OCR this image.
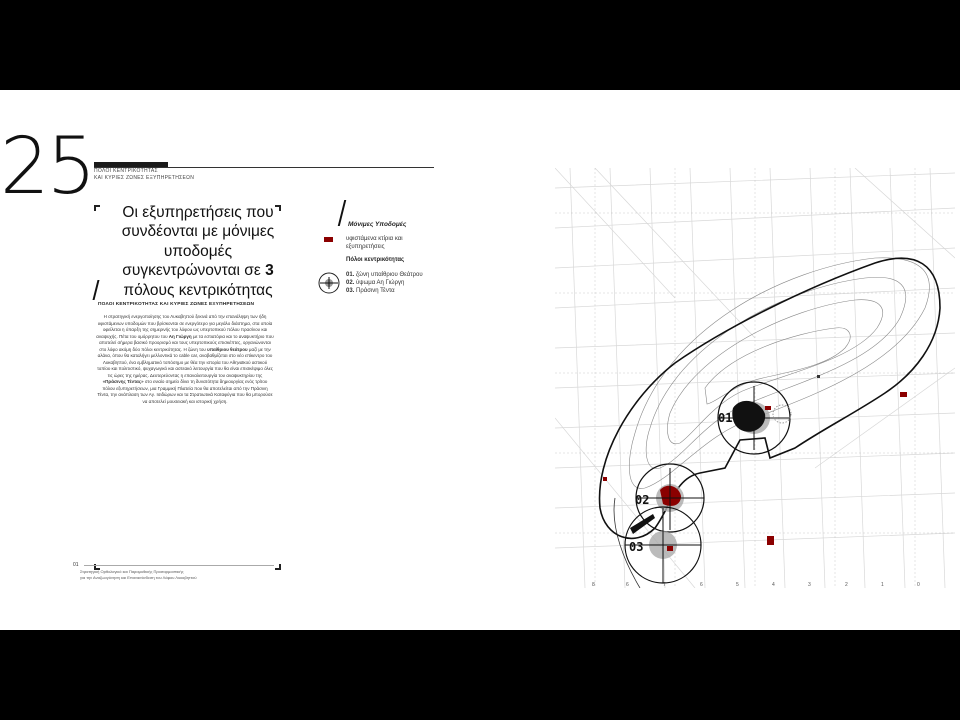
25 ΠΟΛΟΙ ΚΕΝΤΡΙΚΟΤΗΤΑΣ
ΚΑΙ ΚΥΡΙΕΣ ΖΩΝΕΣ ΕΞΥΠΗΡΕΤΗΣΕΩΝ
Οι εξυπηρετήσεις που συνδέονται με μόνιμες υποδομές συγκεντρώνονται σε 3 πόλους κεντρικότητας
ΠΟΛΟΙ ΚΕΝΤΡΙΚΟΤΗΤΑΣ ΚΑΙ ΚΥΡΙΕΣ ΖΩΝΕΣ ΕΞΥΠΗΡΕΤΗΣΕΩΝ
Η στρατηγική ενεργοποίησης του Λυκαβηττού ξεκινά από την επανάληψη των ήδη υφιστάμενων υποδομών που βρίσκονται σε ενεργότερο για μεγάλο διάστημα, στα οποία οφείλεται η ύπαρξη της σημερινής του λόφου ως υπερτοπικού πόλου πρασίνου και αναψυχής. Πέτα του ομόρρητου του Αη Γιώργη με τα εστιατόρια και το αναψυκτήριο που αποτελεί σήμερα βασικό προορισμό και τους υπερτοπικούς επισκέπτες, οργανώνονται στο λόφο ακόμη δύο πόλοι κεντρικότητας. Η ζώνη του υπαίθριου θεάτρου μαζί με την αλάνα, όπου θα καταλήγει μελλοντικά το cable car, αναβαθμίζεται στο νέο επίκεντρο του Λυκαβηττού, ένα εμβληματικό τοπόσημο με θέα την ιστορία του Αθηναϊκού αστικού τοπίου και πολιτιστικό, ψυχαγωγικό και αστεακό λειτουργία που θα είναι επισκέψιμο όλες τις ώρες της ημέρας. Δευτερεύοντας η επαναλειτουργία του αναψυκτηρίου της «Πράσινης Τέντας» στο ενιαίο σημείο δίνει τη δυνατότητα δημιουργίας ενός τρίτου πόλου εξυπηρετήσεων, μια Γραμμική Πλατεία που θα αποτελείται από την Πράσινη Τέντα, την ανάπλαση των Αγ. Ισιδώρων και τα Στρατιωτικά Καταφύγια που θα μπορούσε να αποτελεί μουσειακή και ιστορική χρήση.
01
Στρατηγική Ορθολογικό και Παραμυθικής Προσαρμοστικής
για την Αναζωογόνηση και Επανασύνδεση του Λόφου Λυκαβηττού
Μόνιμες Υποδομές
υφιστάμενα κτίρια και
εξυπηρετήσεις
Πόλοι κεντρικότητας
01. ζώνη υπαίθριου Θεάτρου
02. ύψωμα Αη Γιώργη
03. Πράσινη Τέντα
01
02
03
8	6	7	6	5	4	3	2	1	0
